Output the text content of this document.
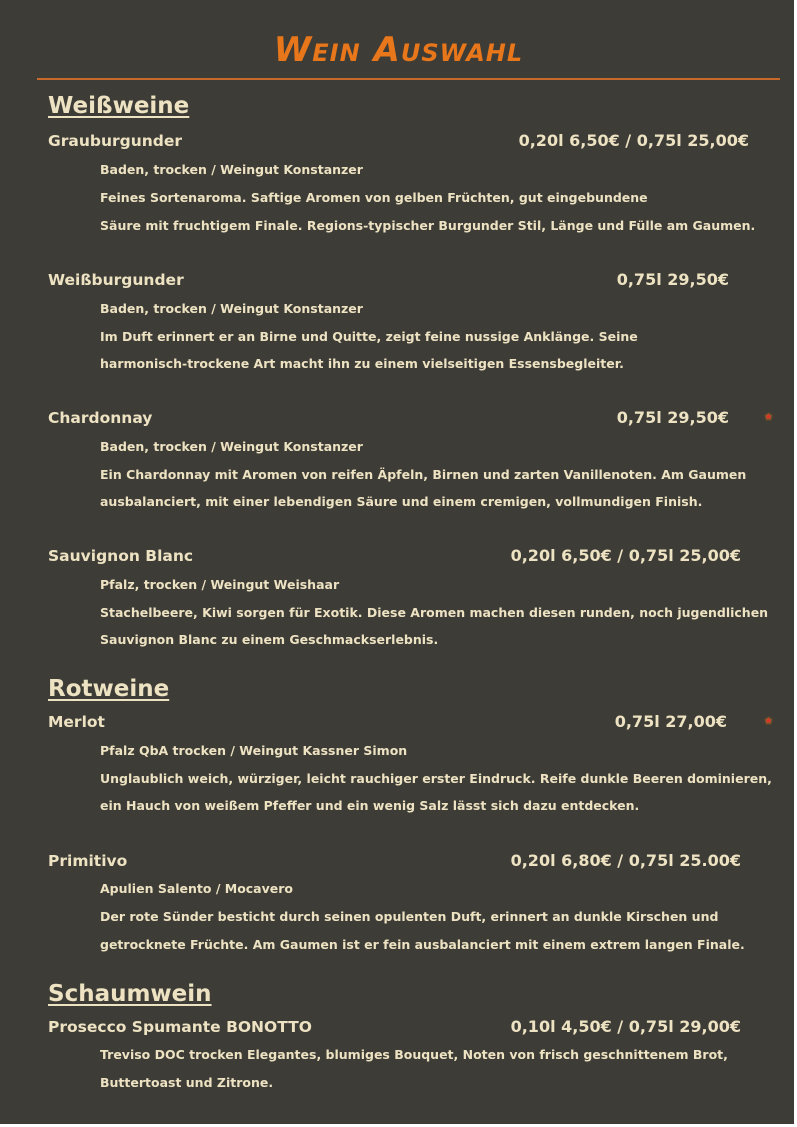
Wein Auswahl
Weißweine
Grauburgunder	0,20l 6,50€ / 0,75l 25,00€
Baden, trocken / Weingut Konstanzer
Feines Sortenaroma. Saftige Aromen von gelben Früchten, gut eingebundene
Säure mit fruchtigem Finale. Regions-typischer Burgunder Stil, Länge und Fülle am Gaumen.
Weißburgunder	0,75l 29,50€
Baden, trocken / Weingut Konstanzer
Im Duft erinnert er an Birne und Quitte, zeigt feine nussige Anklänge. Seine
harmonisch-trockene Art macht ihn zu einem vielseitigen Essensbegleiter.
Chardonnay	0,75l 29,50€	★
Baden, trocken / Weingut Konstanzer
Ein Chardonnay mit Aromen von reifen Äpfeln, Birnen und zarten Vanillenoten. Am Gaumen
ausbalanciert, mit einer lebendigen Säure und einem cremigen, vollmundigen Finish.
Sauvignon Blanc	0,20l 6,50€ / 0,75l 25,00€
Pfalz, trocken / Weingut Weishaar
Stachelbeere, Kiwi sorgen für Exotik. Diese Aromen machen diesen runden, noch jugendlichen
Sauvignon Blanc zu einem Geschmackserlebnis.
Rotweine
Merlot	0,75l 27,00€	★
Pfalz QbA trocken / Weingut Kassner Simon
Unglaublich weich, würziger, leicht rauchiger erster Eindruck. Reife dunkle Beeren dominieren,
ein Hauch von weißem Pfeffer und ein wenig Salz lässt sich dazu entdecken.
Primitivo	0,20l 6,80€ / 0,75l 25.00€
Apulien Salento / Mocavero
Der rote Sünder besticht durch seinen opulenten Duft, erinnert an dunkle Kirschen und
getrocknete Früchte. Am Gaumen ist er fein ausbalanciert mit einem extrem langen Finale.
Schaumwein
Prosecco Spumante BONOTTO	0,10l 4,50€ / 0,75l 29,00€
Treviso DOC trocken Elegantes, blumiges Bouquet, Noten von frisch geschnittenem Brot,
Buttertoast und Zitrone.
